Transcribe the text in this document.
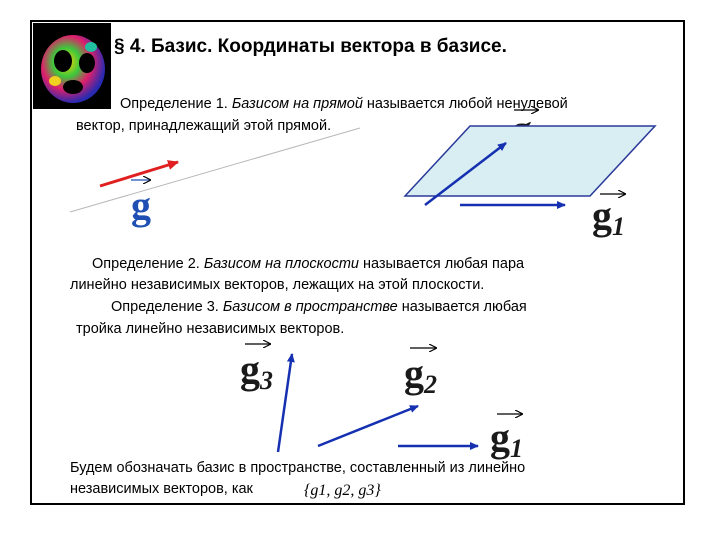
§ 4. Базис. Координаты вектора в базисе.
Определение 1. Базисом на прямой называется любой ненулевой
вектор, принадлежащий этой прямой.
Определение 2. Базисом на плоскости называется любая пара
линейно независимых векторов, лежащих на этой плоскости.
Определение 3. Базисом в пространстве называется любая
тройка линейно независимых векторов.
Будем обозначать базис в пространстве, составленный из линейно
независимых векторов, как	{g1, g2, g3}
g	$g_1$
$g_3$	$g_2$
$g_1$
